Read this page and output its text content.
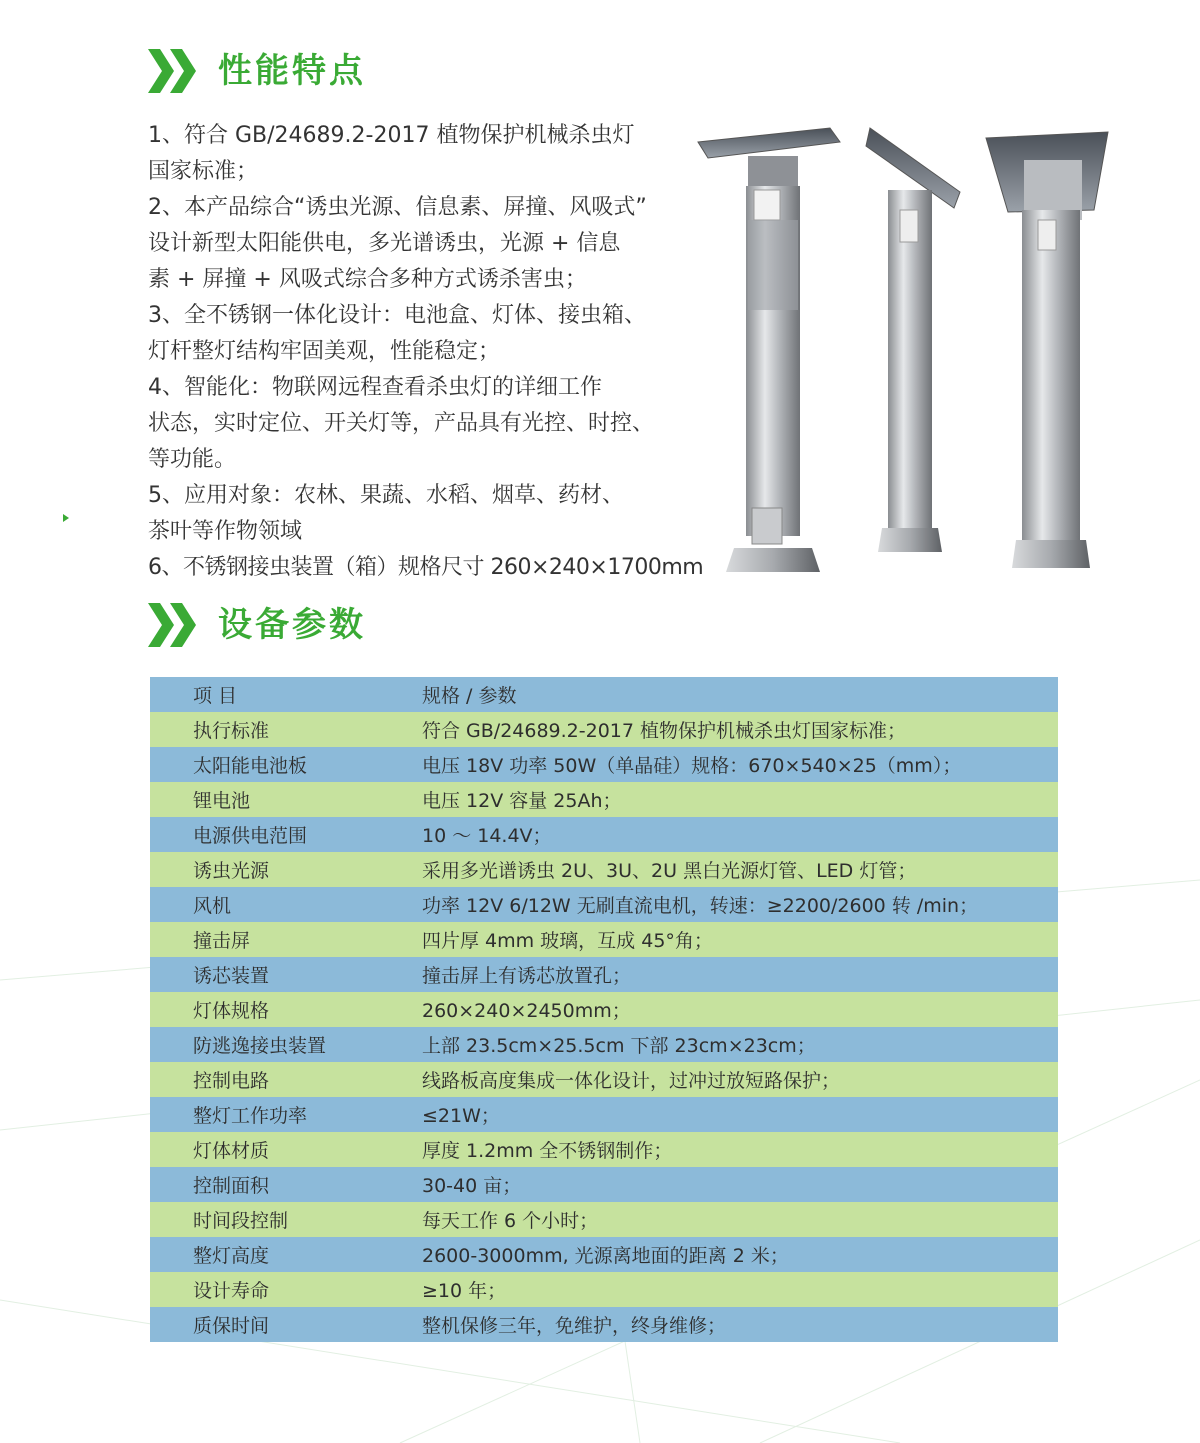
性能特点

1、符合 GB/24689.2-2017 植物保护机械杀虫灯

国家标准；

2、本产品综合“诱虫光源、信息素、屏撞、风吸式”

设计新型太阳能供电，多光谱诱虫，光源 + 信息

素 + 屏撞 + 风吸式综合多种方式诱杀害虫；

3、全不锈钢一体化设计：电池盒、灯体、接虫箱、

灯杆整灯结构牢固美观，性能稳定；

4、智能化：物联网远程查看杀虫灯的详细工作

状态，实时定位、开关灯等，产品具有光控、时控、

等功能。

5、应用对象：农林、果蔬、水稻、烟草、药材、

茶叶等作物领域

6、不锈钢接虫装置（箱）规格尺寸 260×240×1700mm

设备参数
项 目	规格 / 参数
执行标准	符合 GB/24689.2-2017 植物保护机械杀虫灯国家标准；
太阳能电池板	电压 18V 功率 50W（单晶硅）规格：670×540×25（mm）；
锂电池	电压 12V 容量 25Ah；
电源供电范围	10 ～ 14.4V；
诱虫光源	采用多光谱诱虫 2U、3U、2U 黑白光源灯管、LED 灯管；
风机	功率 12V 6/12W 无刷直流电机，转速：≥2200/2600 转 /min；
撞击屏	四片厚 4mm 玻璃，互成 45°角；
诱芯装置	撞击屏上有诱芯放置孔；
灯体规格	260×240×2450mm；
防逃逸接虫装置	上部 23.5cm×25.5cm 下部 23cm×23cm；
控制电路	线路板高度集成一体化设计，过冲过放短路保护；
整灯工作功率	≤21W；
灯体材质	厚度 1.2mm 全不锈钢制作；
控制面积	30-40 亩；
时间段控制	每天工作 6 个小时；
整灯高度	2600-3000mm, 光源离地面的距离 2 米；
设计寿命	≥10 年；
质保时间	整机保修三年，免维护，终身维修；
